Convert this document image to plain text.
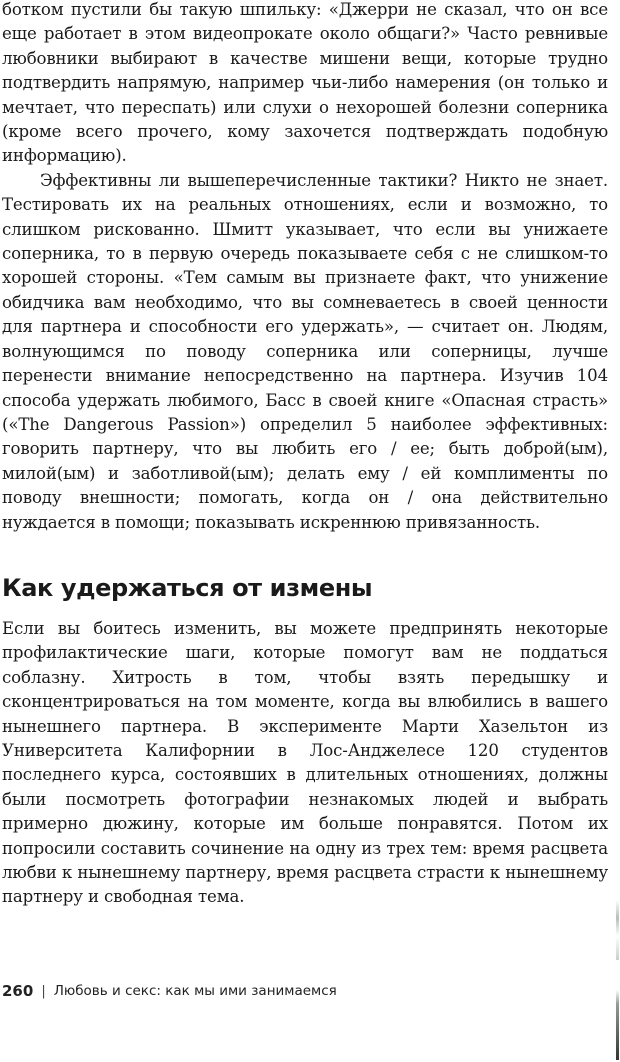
ботком пустили бы такую шпильку: «Джерри не сказал, что он все еще работает в этом видеопрокате около общаги?» Часто ревнивые любовники выбирают в качестве мишени вещи, которые трудно подтвердить напрямую, например чьи-либо намерения (он только и мечтает, что переспать) или слухи о нехорошей болезни соперника (кроме всего прочего, кому захочется подтверждать подобную информацию).

Эффективны ли вышеперечисленные тактики? Никто не знает. Тестировать их на реальных отношениях, если и возможно, то слишком рискованно. Шмитт указывает, что если вы унижаете соперника, то в первую очередь показываете себя с не слишком-то хорошей стороны. «Тем самым вы признаете факт, что унижение обидчика вам необходимо, что вы сомневаетесь в своей ценности для партнера и способности его удержать», — считает он. Людям, волнующимся по поводу соперника или соперницы, лучше перенести внимание непосредственно на партнера. Изучив 104 способа удержать любимого, Басс в своей книге «Опасная страсть» («The Dangerous Passion») определил 5 наиболее эффективных: говорить партнеру, что вы любить его / ее; быть доброй(ым), милой(ым) и заботливой(ым); делать ему / ей комплименты по поводу внешности; помогать, когда он / она действительно нуждается в помощи; показывать искреннюю привязанность.

Как удержаться от измены

Если вы боитесь изменить, вы можете предпринять некоторые профилактические шаги, которые помогут вам не поддаться соблазну. Хитрость в том, чтобы взять передышку и сконцентрироваться на том моменте, когда вы влюбились в вашего нынешнего партнера. В эксперименте Марти Хазельтон из Университета Калифорнии в Лос-Анджелесе 120 студентов последнего курса, состоявших в длительных отношениях, должны были посмотреть фотографии незнакомых людей и выбрать примерно дюжину, которые им больше понравятся. Потом их попросили составить сочинение на одну из трех тем: время расцвета любви к нынешнему партнеру, время расцвета страсти к нынешнему партнеру и свободная тема.

260 | Любовь и секс: как мы ими занимаемся
